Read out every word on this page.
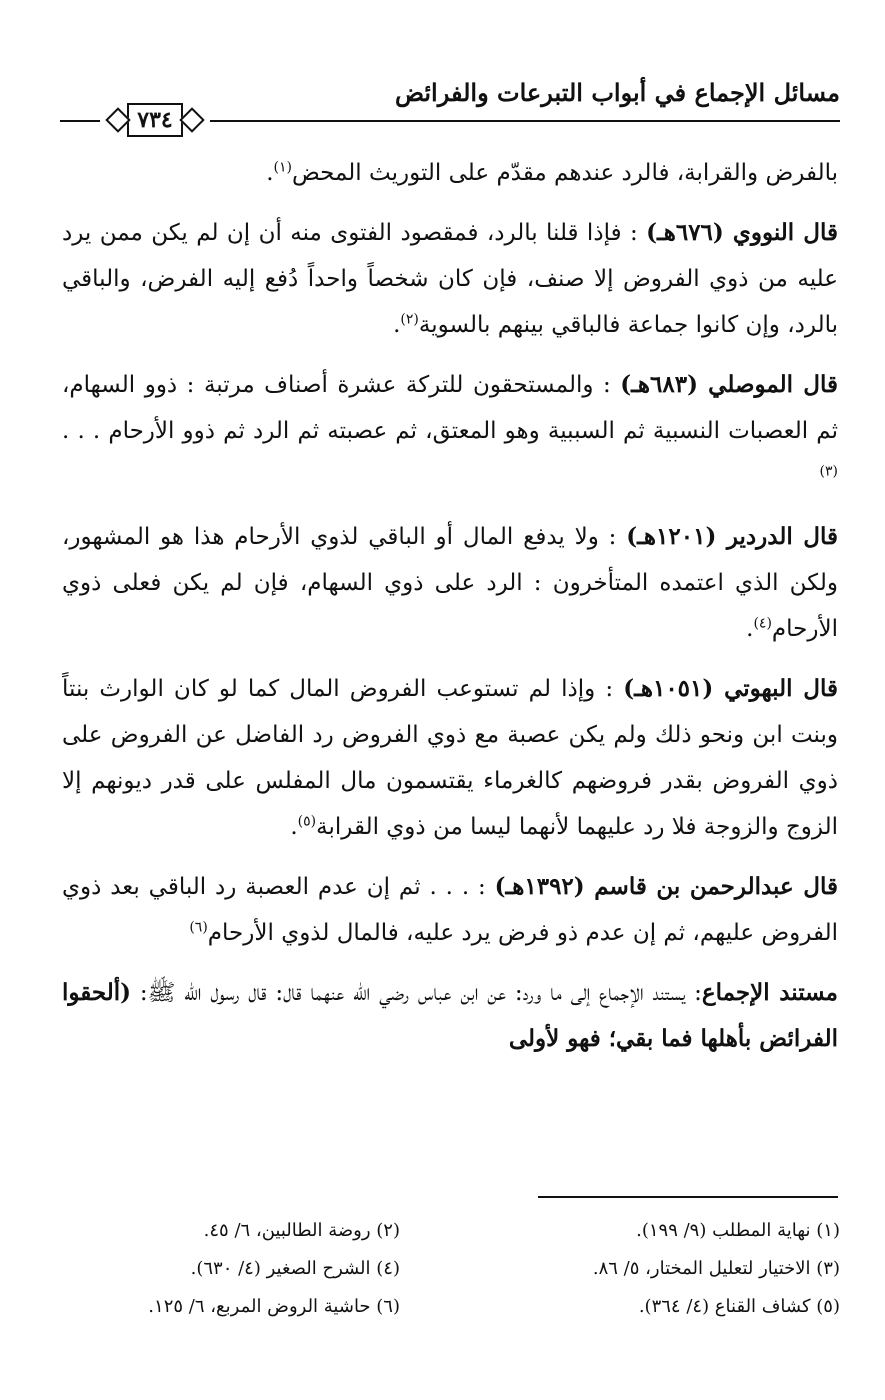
مسائل الإجماع في أبواب التبرعات والفرائض
٧٣٤

بالفرض والقرابة، فالرد عندهم مقدّم على التوريث المحض$^{(١)}$.

قال النووي (٦٧٦هـ) : فإذا قلنا بالرد، فمقصود الفتوى منه أن إن لم يكن ممن يرد عليه من ذوي الفروض إلا صنف، فإن كان شخصاً واحداً دُفع إليه الفرض، والباقي بالرد، وإن كانوا جماعة فالباقي بينهم بالسوية$^{(٢)}$.

قال الموصلي (٦٨٣هـ) : والمستحقون للتركة عشرة أصناف مرتبة : ذوو السهام، ثم العصبات النسبية ثم السببية وهو المعتق، ثم عصبته ثم الرد ثم ذوو الأرحام . . .$^{(٣)}$

قال الدردير (١٢٠١هـ) : ولا يدفع المال أو الباقي لذوي الأرحام هذا هو المشهور، ولكن الذي اعتمده المتأخرون : الرد على ذوي السهام، فإن لم يكن فعلى ذوي الأرحام$^{(٤)}$.

قال البهوتي (١٠٥١هـ) : وإذا لم تستوعب الفروض المال كما لو كان الوارث بنتاً وبنت ابن ونحو ذلك ولم يكن عصبة مع ذوي الفروض رد الفاضل عن الفروض على ذوي الفروض بقدر فروضهم كالغرماء يقتسمون مال المفلس على قدر ديونهم إلا الزوج والزوجة فلا رد عليهما لأنهما ليسا من ذوي القرابة$^{(٥)}$.

قال عبدالرحمن بن قاسم (١٣٩٢هـ) : . . . ثم إن عدم العصبة رد الباقي بعد ذوي الفروض عليهم، ثم إن عدم ذو فرض يرد عليه، فالمال لذوي الأرحام$^{(٦)}$

مستند الإجماع: يستند الإجماع إلى ما ورد: عن ابن عباس رضي الله عنهما قال: قال رسول الله ﷺ: (ألحقوا الفرائض بأهلها فما بقي؛ فهو لأولى

(١) نهاية المطلب (٩/ ١٩٩).
(٣) الاختيار لتعليل المختار، ٥/ ٨٦.
(٥) كشاف القناع (٤/ ٣٦٤).
(٢) روضة الطالبين، ٦/ ٤٥.
(٤) الشرح الصغير (٤/ ٦٣٠).
(٦) حاشية الروض المربع، ٦/ ١٢٥.
